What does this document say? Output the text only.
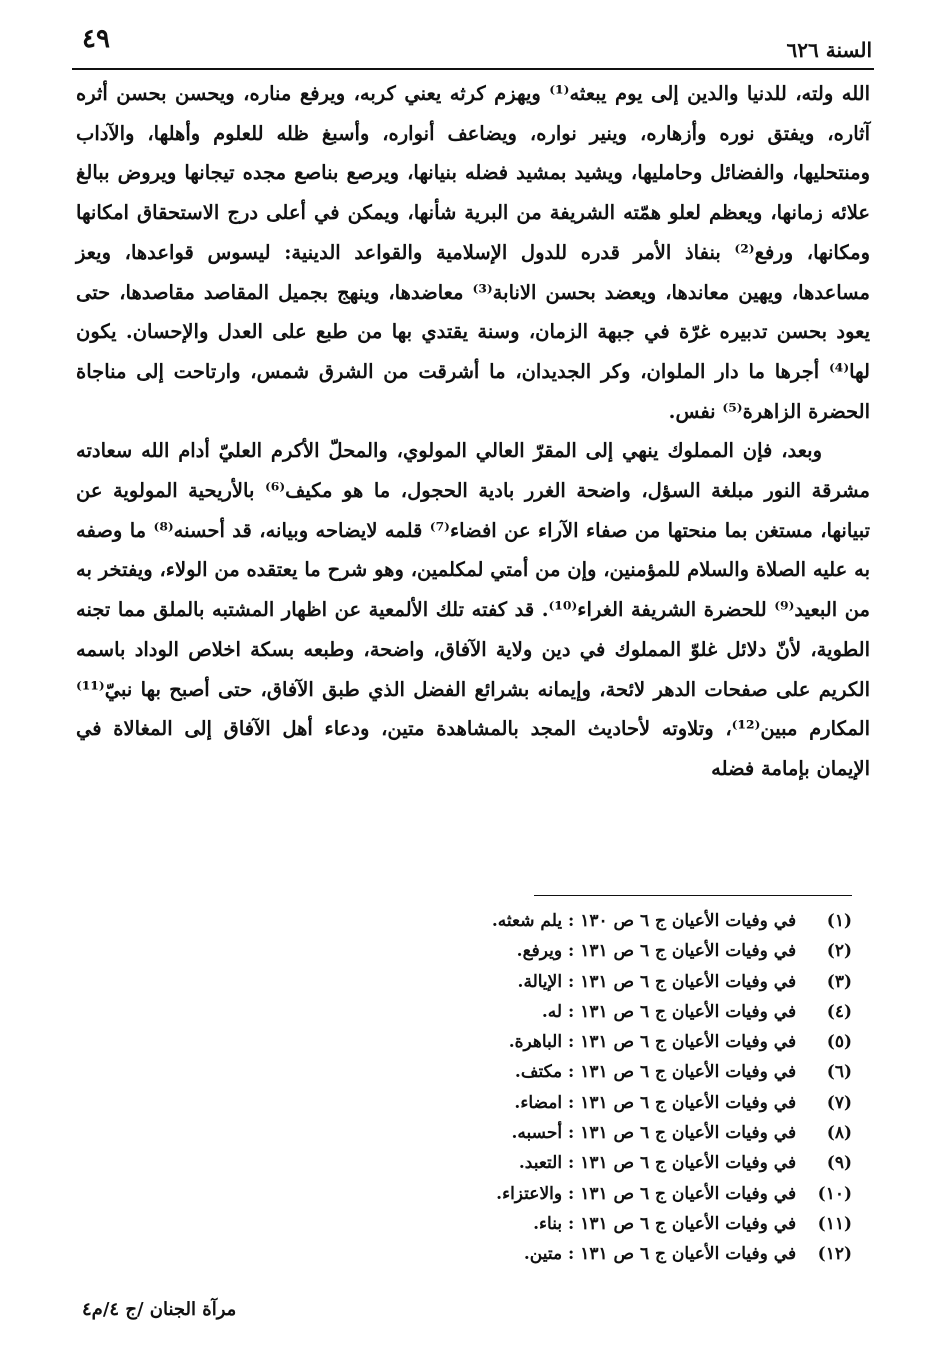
السنة ٦٢٦
٤٩

الله ولته، للدنيا والدين إلى يوم يبعثه⁽¹⁾ ويهزم كرثه يعني كربه، ويرفع مناره، ويحسن بحسن أثره آثاره، ويفتق نوره وأزهاره، وينير نواره، ويضاعف أنواره، وأسبغ ظله للعلوم وأهلها، والآداب ومنتحليها، والفضائل وحامليها، ويشيد بمشيد فضله بنيانها، ويرصع بناصع مجده تيجانها ويروض ببالغ علائه زمانها، ويعظم لعلو همّته الشريفة من البرية شأنها، ويمكن في أعلى درج الاستحقاق امكانها ومكانها، ورفع⁽²⁾ بنفاذ الأمر قدره للدول الإسلامية والقواعد الدينية: ليسوس قواعدها، ويعز مساعدها، ويهين معاندها، ويعضد بحسن الانابة⁽³⁾ معاضدها، وينهج بجميل المقاصد مقاصدها، حتى يعود بحسن تدبيره غرّة في جبهة الزمان، وسنة يقتدي بها من طبع على العدل والإحسان. يكون لها⁽⁴⁾ أجرها ما دار الملوان، وكر الجديدان، ما أشرقت من الشرق شمس، وارتاحت إلى مناجاة الحضرة الزاهرة⁽⁵⁾ نفس.

وبعد، فإن المملوك ينهي إلى المقرّ العالي المولوي، والمحلّ الأكرم العليّ أدام الله سعادته مشرقة النور مبلغة السؤل، واضحة الغرر بادية الحجول، ما هو مكيف⁽⁶⁾ بالأريحية المولوية عن تبيانها، مستغن بما منحتها من صفاء الآراء عن افضاء⁽⁷⁾ قلمه لايضاحه وبيانه، قد أحسنه⁽⁸⁾ ما وصفه به عليه الصلاة والسلام للمؤمنين، وإن من أمتي لمكلمين، وهو شرح ما يعتقده من الولاء، ويفتخر به من البعيد⁽⁹⁾ للحضرة الشريفة الغراء⁽¹⁰⁾. قد كفته تلك الألمعية عن اظهار المشتبه بالملق مما تجنه الطوية، لأنّ دلائل غلوّ المملوك في دين ولاية الآفاق، واضحة، وطبعه بسكة اخلاص الوداد باسمه الكريم على صفحات الدهر لائحة، وإيمانه بشرائع الفضل الذي طبق الآفاق، حتى أصبح بها نبيّ⁽¹¹⁾ المكارم مبين⁽¹²⁾، وتلاوته لأحاديث المجد بالمشاهدة متين، ودعاء أهل الآفاق إلى المغالاة في الإيمان بإمامة فضله

(١) في وفيات الأعيان ج ٦ ص ١٣٠ : يلم شعثه.
(٢) في وفيات الأعيان ج ٦ ص ١٣١ : ويرفع.
(٣) في وفيات الأعيان ج ٦ ص ١٣١ : الإيالة.
(٤) في وفيات الأعيان ج ٦ ص ١٣١ : له.
(٥) في وفيات الأعيان ج ٦ ص ١٣١ : الباهرة.
(٦) في وفيات الأعيان ج ٦ ص ١٣١ : مكتف.
(٧) في وفيات الأعيان ج ٦ ص ١٣١ : امضاء.
(٨) في وفيات الأعيان ج ٦ ص ١٣١ : أحسبه.
(٩) في وفيات الأعيان ج ٦ ص ١٣١ : التعبد.
(١٠) في وفيات الأعيان ج ٦ ص ١٣١ : والاعتزاء.
(١١) في وفيات الأعيان ج ٦ ص ١٣١ : بناء.
(١٢) في وفيات الأعيان ج ٦ ص ١٣١ : متين.
مرآة الجنان /ج ٤/م٤
